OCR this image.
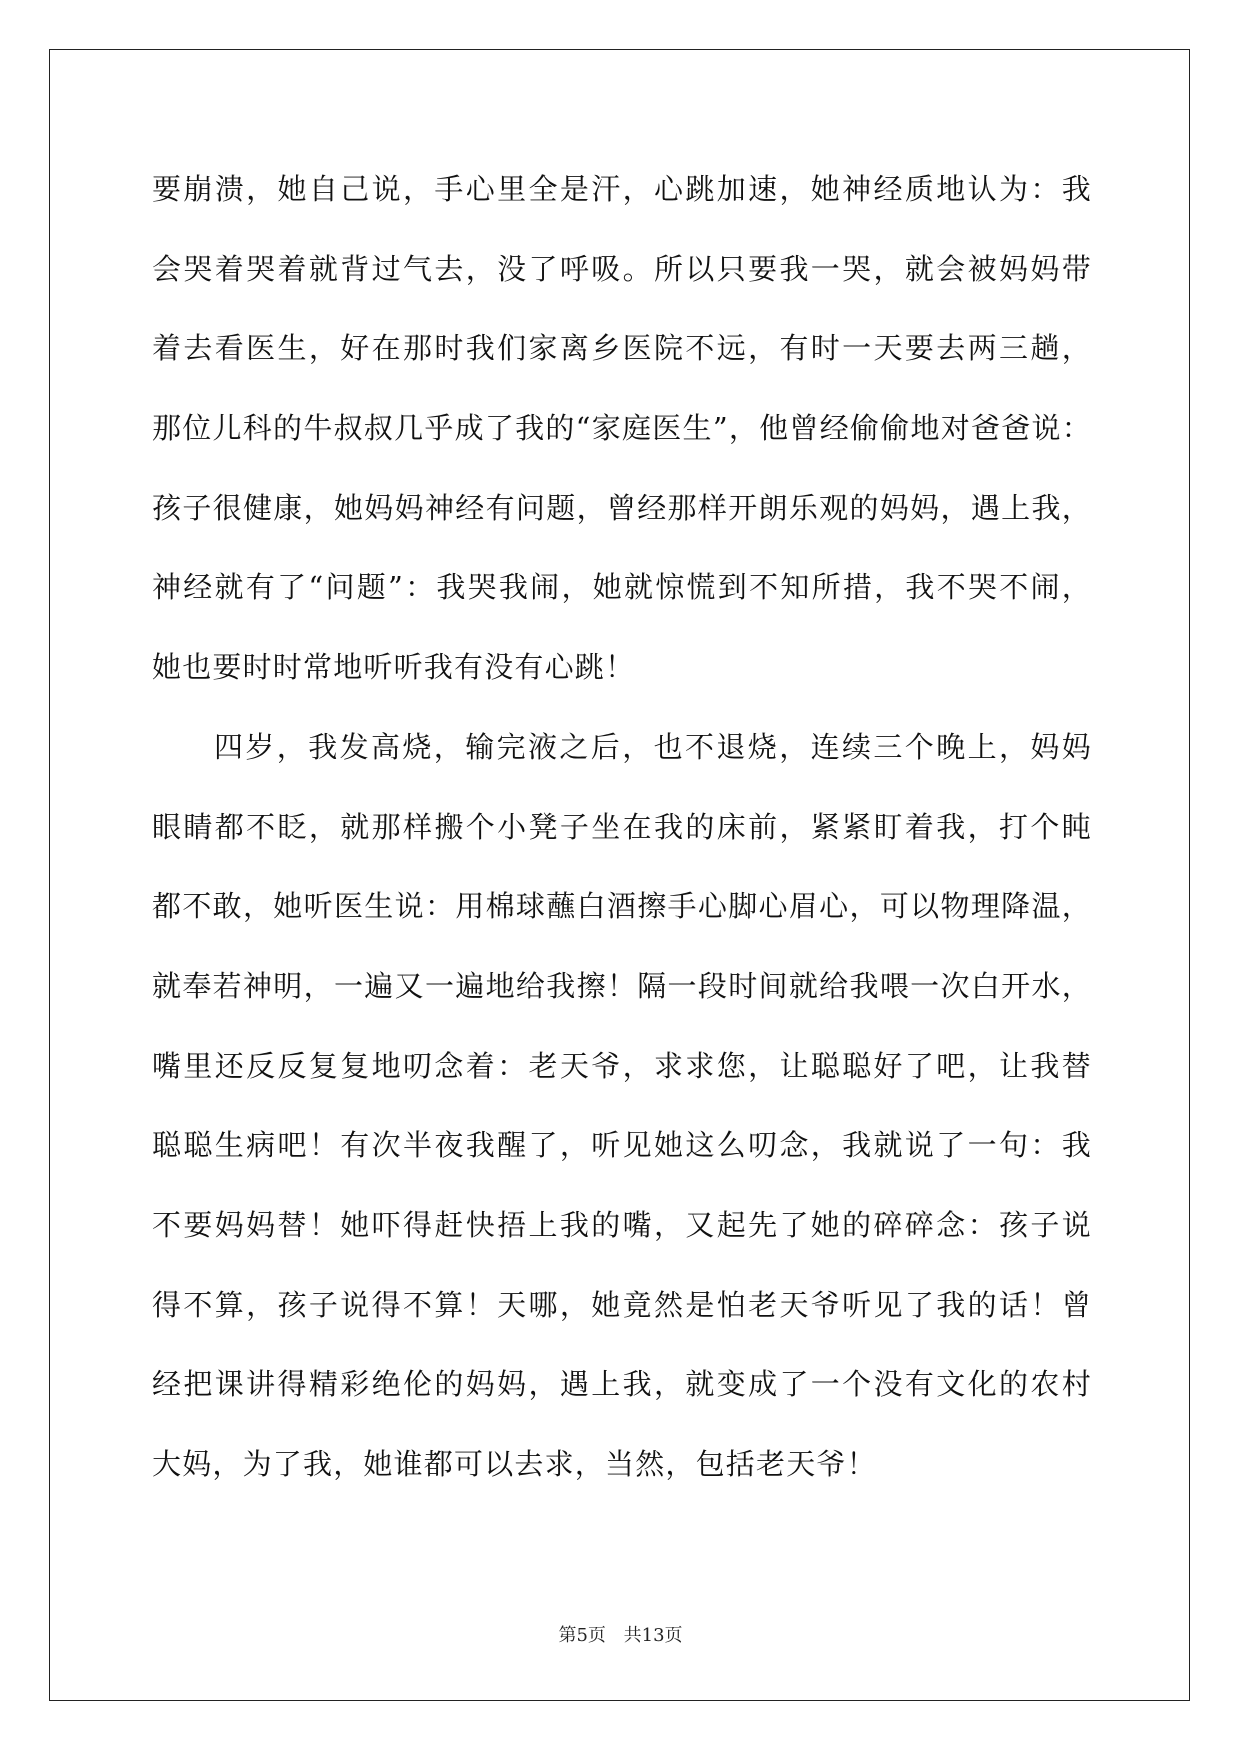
要崩溃，她自己说，手心里全是汗，心跳加速，她神经质地认为：我
会哭着哭着就背过气去，没了呼吸。所以只要我一哭，就会被妈妈带
着去看医生，好在那时我们家离乡医院不远，有时一天要去两三趟，
那位儿科的牛叔叔几乎成了我的“家庭医生”，他曾经偷偷地对爸爸说：
孩子很健康，她妈妈神经有问题，曾经那样开朗乐观的妈妈，遇上我，
神经就有了“问题”：我哭我闹，她就惊慌到不知所措，我不哭不闹，
她也要时时常地听听我有没有心跳！
四岁，我发高烧，输完液之后，也不退烧，连续三个晚上，妈妈
眼睛都不眨，就那样搬个小凳子坐在我的床前，紧紧盯着我，打个盹
都不敢，她听医生说：用棉球蘸白酒擦手心脚心眉心，可以物理降温，
就奉若神明，一遍又一遍地给我擦！隔一段时间就给我喂一次白开水，
嘴里还反反复复地叨念着：老天爷，求求您，让聪聪好了吧，让我替
聪聪生病吧！有次半夜我醒了，听见她这么叨念，我就说了一句：我
不要妈妈替！她吓得赶快捂上我的嘴，又起先了她的碎碎念：孩子说
得不算，孩子说得不算！天哪，她竟然是怕老天爷听见了我的话！曾
经把课讲得精彩绝伦的妈妈，遇上我，就变成了一个没有文化的农村
大妈，为了我，她谁都可以去求，当然，包括老天爷！
第5页 共13页
